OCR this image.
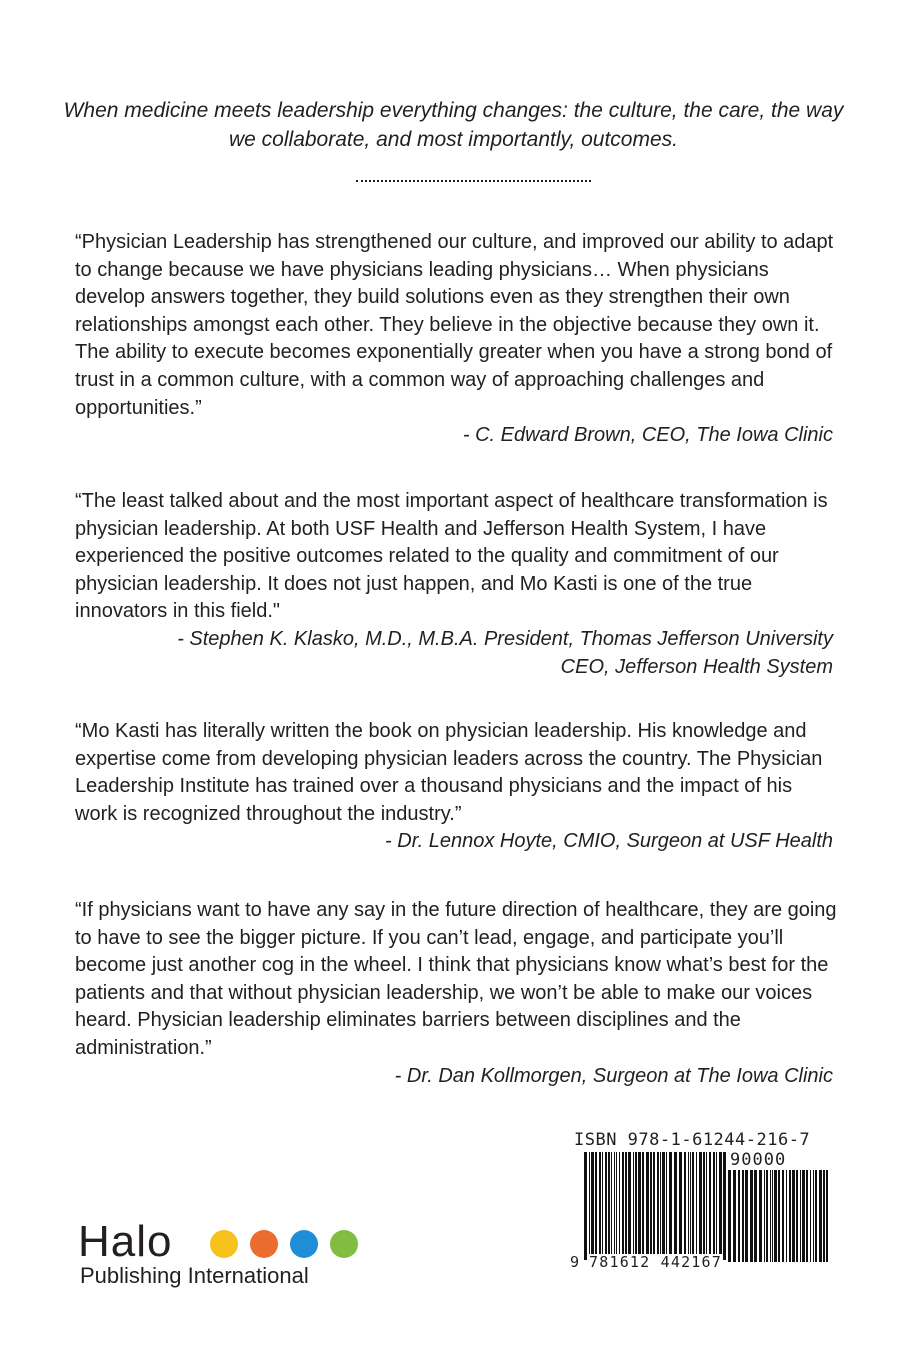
When medicine meets leadership everything changes: the culture, the care, the way we collaborate, and most importantly, outcomes.

“Physician Leadership has strengthened our culture, and improved our ability to adapt to change because we have physicians leading physicians… When physicians develop answers together, they build solutions even as they strengthen their own relationships amongst each other. They believe in the objective because they own it. The ability to execute becomes exponentially greater when you have a strong bond of trust in a common culture, with a common way of approaching challenges and opportunities.”

- C. Edward Brown, CEO, The Iowa Clinic

“The least talked about and the most important aspect of healthcare transformation is physician leadership. At both USF Health and Jefferson Health System, I have experienced the positive outcomes related to the quality and commitment of our physician leadership. It does not just happen, and Mo Kasti is one of the true innovators in this field."

- Stephen K. Klasko, M.D., M.B.A. President, Thomas Jefferson University
CEO, Jefferson Health System

“Mo Kasti has literally written the book on physician leadership. His knowledge and expertise come from developing physician leaders across the country. The Physician Leadership Institute has trained over a thousand physicians and the impact of his work is recognized throughout the industry.”

- Dr. Lennox Hoyte, CMIO, Surgeon at USF Health

“If physicians want to have any say in the future direction of healthcare, they are going to have to see the bigger picture. If you can’t lead, engage, and participate you’ll become just another cog in the wheel. I think that physicians know what’s best for the patients and that without physician leadership, we won’t be able to make our voices heard. Physician leadership eliminates barriers between disciplines and the administration.”

- Dr. Dan Kollmorgen, Surgeon at The Iowa Clinic
Halo
Publishing International
ISBN 978-1-61244-216-7
90000
9 781612 442167
